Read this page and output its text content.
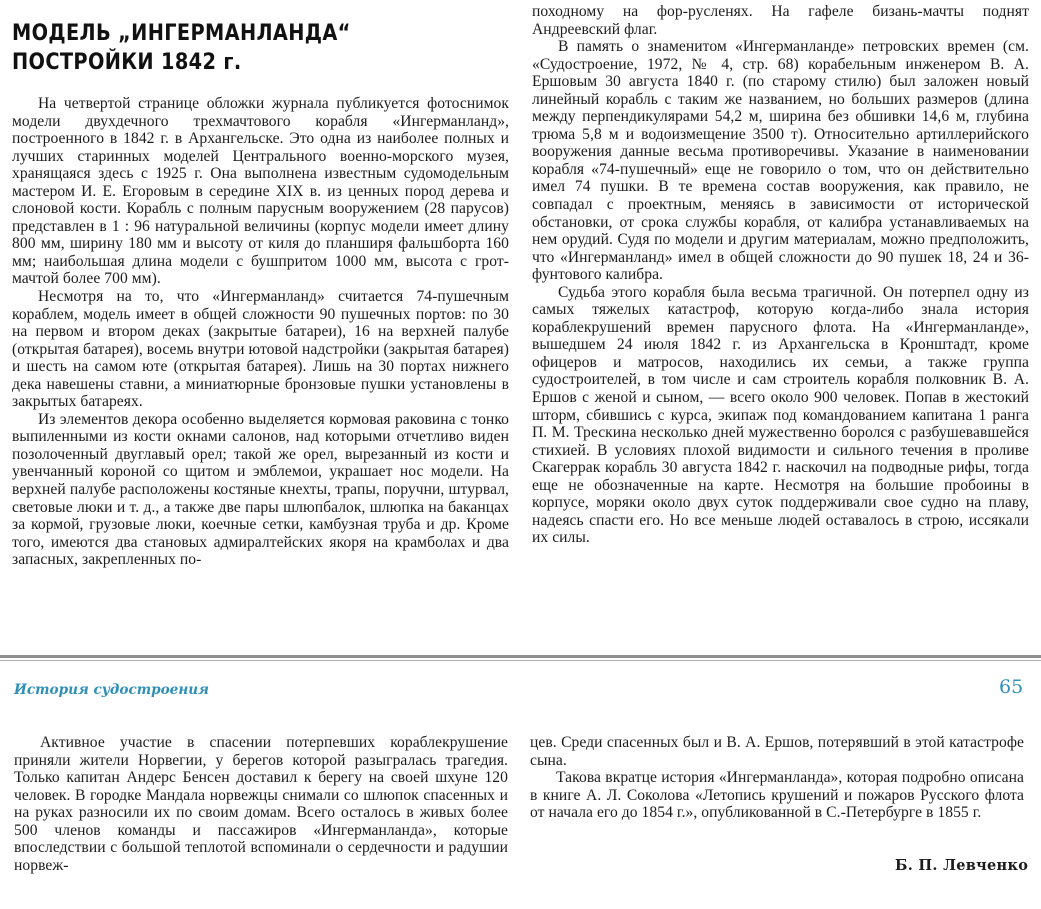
МОДЕЛЬ „ИНГЕРМАНЛАНДА“
ПОСТРОЙКИ 1842 г.

На четвертой странице обложки журнала публикуется фотоснимок модели двухдечного трехмачтового корабля «Ингерманланд», построенного в 1842 г. в Архангельске. Это одна из наиболее полных и лучших старинных моделей Центрального военно-морского музея, хранящаяся здесь с 1925 г. Она выполнена известным судомодельным мастером И. Е. Егоровым в середине XIX в. из ценных пород дерева и слоновой кости. Корабль с полным парусным вооружением (28 парусов) представлен в 1 : 96 натуральной величины (корпус модели имеет длину 800 мм, ширину 180 мм и высоту от киля до планширя фальшборта 160 мм; наибольшая длина модели с бушпритом 1000 мм, высота с грот-мачтой более 700 мм).

Несмотря на то, что «Ингерманланд» считается 74-пушечным кораблем, модель имеет в общей сложности 90 пушечных портов: по 30 на первом и втором деках (закрытые батареи), 16 на верхней палубе (открытая батарея), восемь внутри ютовой надстройки (закрытая батарея) и шесть на самом юте (открытая батарея). Лишь на 30 портах нижнего дека навешены ставни, а миниатюрные бронзовые пушки установлены в закрытых батареях.

Из элементов декора особенно выделяется кормовая раковина с тонко выпиленными из кости окнами салонов, над которыми отчетливо виден позолоченный двуглавый орел; такой же орел, вырезанный из кости и увенчанный короной со щитом и эмблемои, украшает нос модели. На верхней палубе расположены костяные кнехты, трапы, поручни, штурвал, световые люки и т. д., а также две пары шлюпбалок, шлюпка на баканцах за кормой, грузовые люки, коечные сетки, камбузная труба и др. Кроме того, имеются два становых адмиралтейских якоря на крамболах и два запасных, закрепленных по-

походному на фор-русленях. На гафеле бизань-мачты поднят Андреевский флаг.

В память о знаменитом «Ингерманланде» петровских времен (см. «Судостроение, 1972, № 4, стр. 68) корабельным инженером В. А. Ершовым 30 августа 1840 г. (по старому стилю) был заложен новый линейный корабль с таким же названием, но больших размеров (длина между перпендикулярами 54,2 м, ширина без обшивки 14,6 м, глубина трюма 5,8 м и водоизмещение 3500 т). Относительно артиллерийского вооружения данные весьма противоречивы. Указание в наименовании корабля «74-пушечный» еще не говорило о том, что он действительно имел 74 пушки. В те времена состав вооружения, как правило, не совпадал с проектным, меняясь в зависимости от исторической обстановки, от срока службы корабля, от калибра устанавливаемых на нем орудий. Судя по модели и другим материалам, можно предположить, что «Ингерманланд» имел в общей сложности до 90 пушек 18, 24 и 36-фунтового калибра.

Судьба этого корабля была весьма трагичной. Он потерпел одну из самых тяжелых катастроф, которую когда-либо знала история кораблекрушений времен парусного флота. На «Ингерманланде», вышедшем 24 июля 1842 г. из Архангельска в Кронштадт, кроме офицеров и матросов, находились их семьи, а также группа судостроителей, в том числе и сам строитель корабля полковник В. А. Ершов с женой и сыном, — всего около 900 человек. Попав в жестокий шторм, сбившись с курса, экипаж под командованием капитана 1 ранга П. М. Трескина несколько дней мужественно боролся с разбушевавшейся стихией. В условиях плохой видимости и сильного течения в проливе Скагеррак корабль 30 августа 1842 г. наскочил на подводные рифы, тогда еще не обозначенные на карте. Несмотря на большие пробоины в корпусе, моряки около двух суток поддерживали свое судно на плаву, надеясь спасти его. Но все меньше людей оставалось в строю, иссякали их силы.

История судостроения	65

Активное участие в спасении потерпевших кораблекрушение приняли жители Норвегии, у берегов которой разыгралась трагедия. Только капитан Андерс Бенсен доставил к берегу на своей шхуне 120 человек. В городке Мандала норвежцы снимали со шлюпок спасенных и на руках разносили их по своим домам. Всего осталось в живых более 500 членов команды и пассажиров «Ингерманланда», которые впоследствии с большой теплотой вспоминали о сердечности и радушии норвеж-

цев. Среди спасенных был и В. А. Ершов, потерявший в этой катастрофе сына.

Такова вкратце история «Ингерманланда», которая подробно описана в книге А. Л. Соколова «Летопись крушений и пожаров Русского флота от начала его до 1854 г.», опубликованной в С.-Петербурге в 1855 г.

Б. П. Левченко
